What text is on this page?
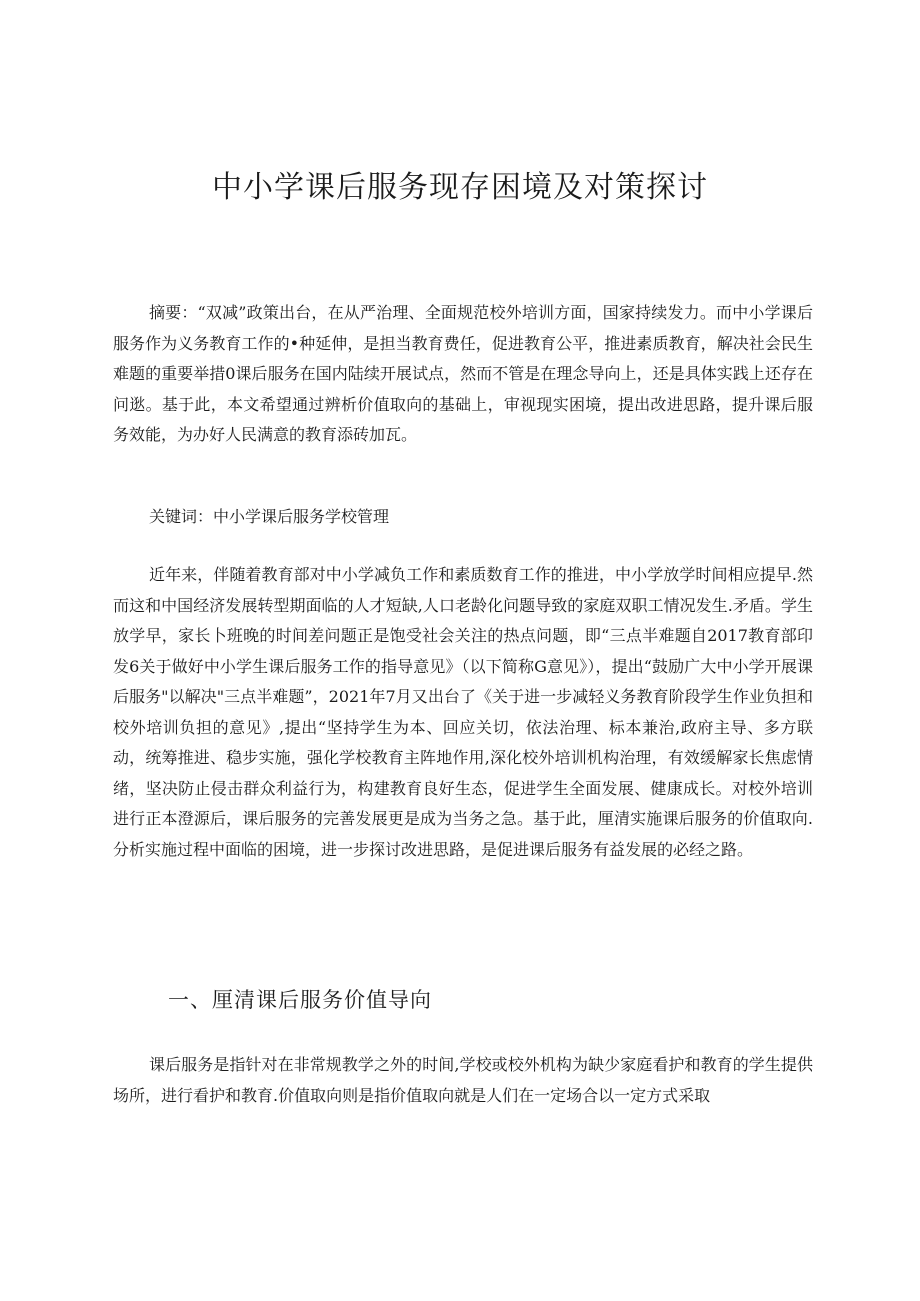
中小学课后服务现存困境及对策探讨

摘要：“双减”政策出台，在从严治理、全面规范校外培训方面，国家持续发力。而中小学课后服务作为义务教育工作的•种延伸，是担当教育费任，促进教育公平，推进素质教育，解决社会民生难题的重要举措0课后服务在国内陆续开展试点，然而不管是在理念导向上，还是具体实践上还存在问逖。基于此，本文希望通过辨析价值取向的基础上，审视现实困境，提出改进思路，提升课后服务效能，为办好人民满意的教育添砖加瓦。

关键词：中小学课后服务学校管理

近年来，伴随着教育部对中小学减负工作和素质数育工作的推进，中小学放学时间相应提早.然而这和中国经济发展转型期面临的人才短缺,人口老龄化问题导致的家庭双职工情况发生.矛盾。学生放学早，家长卜班晚的时间差问题正是饱受社会关注的热点问题，即“三点半难题自2017教育部印发6关于做好中小学生课后服务工作的指导意见》（以下简称G意见》），提出“鼓励广大中小学开展课后服务"以解决"三点半难题”，2021年7月又出台了《关于进一步减轻义务教育阶段学生作业负担和校外培训负担的意见》,提出“坚持学生为本、回应关切，依法治理、标本兼治,政府主导、多方联动，统筹推进、稳步实施，强化学校教育主阵地作用,深化校外培训机构治理，有效缓解家长焦虑情绪，坚决防止侵击群众利益行为，构建教育良好生态，促进学生全面发展、健康成长。对校外培训进行正本澄源后，课后服务的完善发展更是成为当务之急。基于此，厘清实施课后服务的价值取向.分析实施过程中面临的困境，进一步探讨改进思路，是促进课后服务有益发展的必经之路。

一、厘清课后服务价值导向

课后服务是指针对在非常规教学之外的时间,学校或校外机构为缺少家庭看护和教育的学生提供场所，进行看护和教育.价值取向则是指价值取向就是人们在一定场合以一定方式采取
